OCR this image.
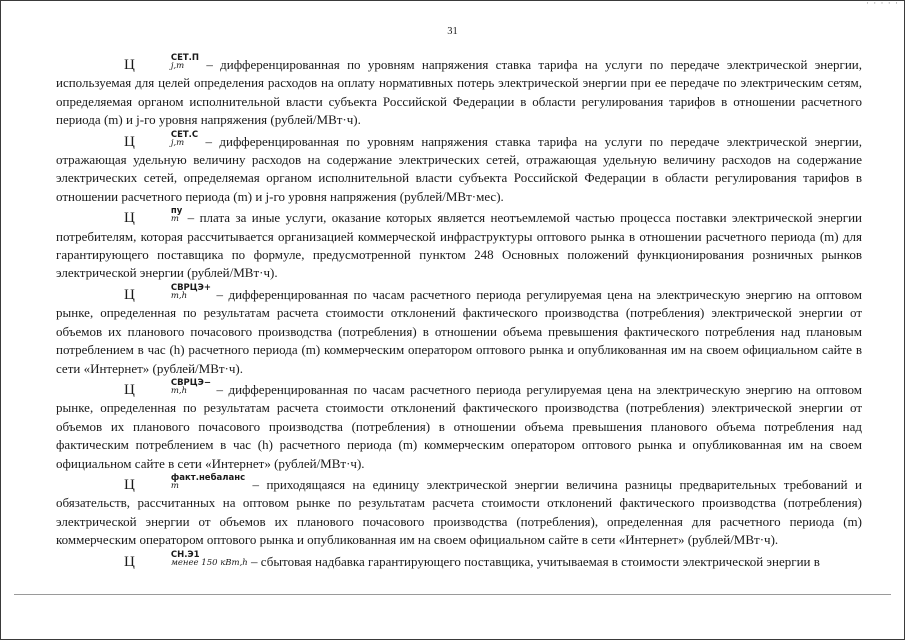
· · · · ·
31

Ц	СЕТ.П
j,m	– дифференцированная по уровням напряжения ставка тарифа на услуги по передаче электрической энергии, используемая для целей определения расходов на оплату нормативных потерь электрической энергии при ее передаче по электрическим сетям, определяемая органом исполнительной власти субъекта Российской Федерации в области регулирования тарифов в отношении расчетного периода (m) и j-го уровня напряжения (рублей/МВт·ч).

Ц	СЕТ.С
j,m	– дифференцированная по уровням напряжения ставка тарифа на услуги по передаче электрической энергии, отражающая удельную величину расходов на содержание электрических сетей, отражающая удельную величину расходов на содержание электрических сетей, определяемая органом исполнительной власти субъекта Российской Федерации в области регулирования тарифов в отношении расчетного периода (m) и j-го уровня напряжения (рублей/МВт·мес).

Ц	пу
m – плата за иные услуги, оказание которых является неотъемлемой частью процесса поставки электрической энергии потребителям, которая рассчитывается организацией коммерческой инфраструктуры оптового рынка в отношении расчетного периода (m) для гарантирующего поставщика по формуле, предусмотренной пунктом 248 Основных положений функционирования розничных рынков электрической энергии (рублей/МВт·ч).

Ц	СВРЦЭ+
m,h	– дифференцированная по часам расчетного периода регулируемая цена на электрическую энергию на оптовом рынке, определенная по результатам расчета стоимости отклонений фактического производства (потребления) электрической энергии от объемов их планового почасового производства (потребления) в отношении объема превышения фактического потребления над плановым потреблением в час (h) расчетного периода (m) коммерческим оператором оптового рынка и опубликованная им на своем официальном сайте в сети «Интернет» (рублей/МВт·ч).

Ц	СВРЦЭ−
m,h	– дифференцированная по часам расчетного периода регулируемая цена на электрическую энергию на оптовом рынке, определенная по результатам расчета стоимости отклонений фактического производства (потребления) электрической энергии от объемов их планового почасового производства (потребления) в отношении объема превышения планового объема потребления над фактическим потреблением в час (h) расчетного периода (m) коммерческим оператором оптового рынка и опубликованная им на своем официальном сайте в сети «Интернет» (рублей/МВт·ч).

Ц	факт.небаланс
m	– приходящаяся на единицу электрической энергии величина разницы предварительных требований и обязательств, рассчитанных на оптовом рынке по результатам расчета стоимости отклонений фактического производства (потребления) электрической энергии от объемов их планового почасового производства (потребления), определенная для расчетного периода (m) коммерческим оператором оптового рынка и опубликованная им на своем официальном сайте в сети «Интернет» (рублей/МВт·ч).

Ц	СН.Э1
менее 150 кВт,h – сбытовая надбавка гарантирующего поставщика, учитываемая в стоимости электрической энергии в
